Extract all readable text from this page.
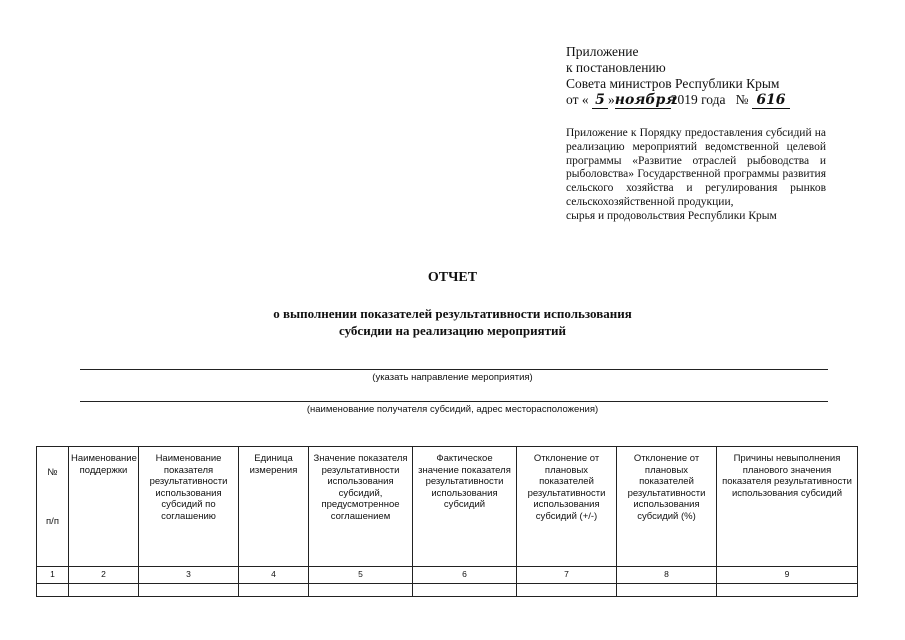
Приложение
к постановлению
Совета министров Республики Крым
от « 5 »ноября2019 года № 616
Приложение к Порядку предоставления субсидий на реализацию мероприятий ведомственной целевой программы «Развитие отраслей рыбоводства и рыболовства» Государственной программы развития сельского хозяйства и регулирования рынков сельскохозяйственной продукции,
сырья и продовольствия Республики Крым
ОТЧЕТ
о выполнении показателей результативности использования
субсидии на реализацию мероприятий
(указать направление мероприятия)
(наименование получателя субсидий, адрес месторасположения)
№
п/п	Наименование поддержки	Наименование показателя результативности использования субсидий по соглашению	Единица измерения	Значение показателя результативности использования субсидий, предусмотренное соглашением	Фактическое значение показателя результативности использования субсидий	Отклонение от плановых показателей результативности использования субсидий (+/-)	Отклонение от плановых показателей результативности использования субсидий (%)	Причины невыполнения планового значения показателя результативности использования субсидий
1	2	3	4	5	6	7	8	9
